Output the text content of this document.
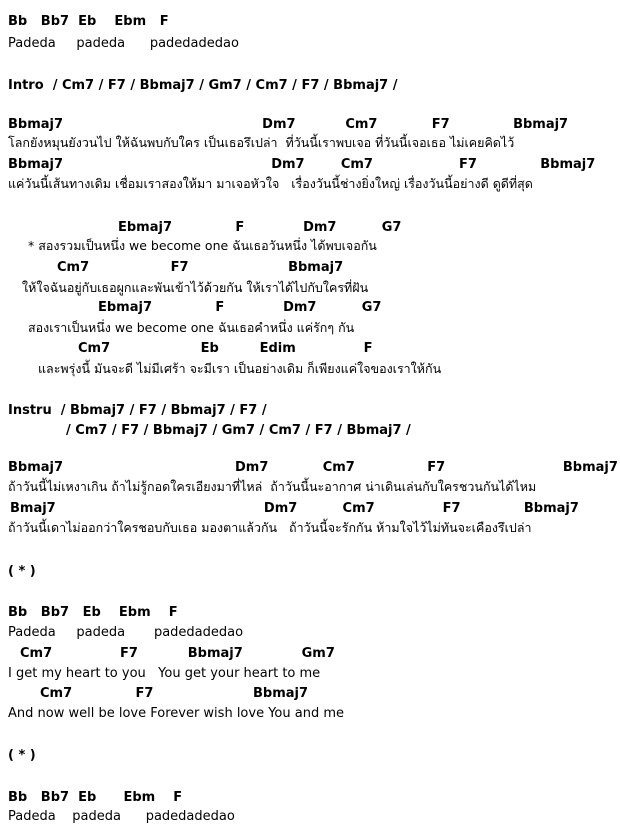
Bb   Bb7  Eb    Ebm   F
Padeda     padeda      padedadedao
Intro  / Cm7 / F7 / Bbmaj7 / Gm7 / Cm7 / F7 / Bbmaj7 /
Bbmaj7                                            Dm7           Cm7            F7              Bbmaj7
โลกยังหมุนยังวนไป ให้ฉันพบกับใคร เป็นเธอรึเปล่า  ที่วันนี้เราพบเจอ ที่วันนี้เจอเธอ ไม่เคยคิดไว้
Bbmaj7                                              Dm7        Cm7                   F7              Bbmaj7
แค่วันนี้เส้นทางเดิม เชื่อมเราสองให้มา มาเจอหัวใจ   เรื่องวันนี้ช่างยิ่งใหญ่ เรื่องวันนี้อย่างดี ดูดีที่สุด
Ebmaj7              F             Dm7          G7
* สองรวมเป็นหนึ่ง we become one ฉันเธอวันหนึ่ง ได้พบเจอกัน
Cm7                  F7                      Bbmaj7
ให้ใจฉันอยู่กับเธอผูกและพันเข้าไว้ด้วยกัน ให้เราได้ไปกับใครที่ฝัน
Ebmaj7              F             Dm7          G7
สองเราเป็นหนึ่ง we become one ฉันเธอคำหนึ่ง แค่รักๆ กัน
Cm7                    Eb         Edim               F
และพรุ่งนี้ มันจะดี ไม่มีเศร้า จะมีเรา เป็นอย่างเดิม ก็เพียงแค่ใจของเราให้กัน
Instru  / Bbmaj7 / F7 / Bbmaj7 / F7 /
/ Cm7 / F7 / Bbmaj7 / Gm7 / Cm7 / F7 / Bbmaj7 /
Bbmaj7                                      Dm7            Cm7                F7                          Bbmaj7
ถ้าวันนี้ไม่เหงาเกิน ถ้าไม่รู้กอดใครเอียงมาที่ไหล่  ถ้าวันนี้นะอากาศ น่าเดินเล่นกับใครชวนกันได้ไหม
Bmaj7                                              Dm7          Cm7               F7              Bbmaj7
ถ้าวันนี้เดาไม่ออกว่าใครชอบกับเธอ มองตาแล้วกัน   ถ้าวันนี้จะรักกัน ห้ามใจไว้ไม่ทันจะเคืองรึเปล่า
( * )
Bb   Bb7   Eb    Ebm    F
Padeda     padeda       padedadedao
Cm7               F7           Bbmaj7             Gm7
I get my heart to you   You get your heart to me
Cm7              F7                      Bbmaj7
And now well be love Forever wish love You and me
( * )
Bb   Bb7  Eb      Ebm    F
Padeda    padeda      padedadedao
